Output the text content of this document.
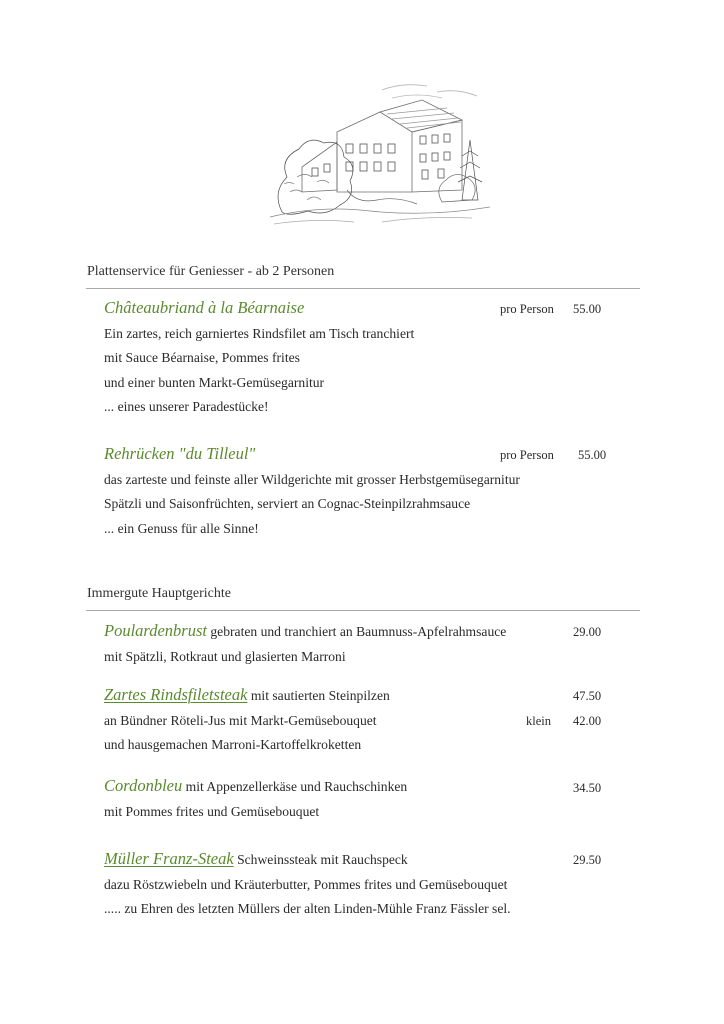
Plattenservice für Geniesser - ab 2 Personen
Châteaubriand à la Béarnaise
Ein zartes, reich garniertes Rindsfilet am Tisch tranchiert
mit Sauce Béarnaise, Pommes frites
und einer bunten Markt-Gemüsegarnitur
... eines unserer Paradestücke!
pro Person 55.00
Rehrücken "du Tilleul"
das zarteste und feinste aller Wildgerichte mit grosser Herbstgemüsegarnitur
Spätzli und Saisonfrüchten, serviert an Cognac-Steinpilzrahmsauce
... ein Genuss für alle Sinne!
pro Person 55.00
Immergute Hauptgerichte
Poulardenbrust gebraten und tranchiert an Baumnuss-Apfelrahmsauce
mit Spätzli, Rotkraut und glasierten Marroni
29.00
Zartes Rindsfiletsteak mit sautierten Steinpilzen
an Bündner Röteli-Jus mit Markt-Gemüsebouquet
und hausgemachen Marroni-Kartoffelkroketten
47.50
klein 42.00
Cordonbleu mit Appenzellerkäse und Rauchschinken
mit Pommes frites und Gemüsebouquet
34.50
Müller Franz-Steak Schweinssteak mit Rauchspeck
dazu Röstzwiebeln und Kräuterbutter, Pommes frites und Gemüsebouquet
..... zu Ehren des letzten Müllers der alten Linden-Mühle Franz Fässler sel.
29.50
